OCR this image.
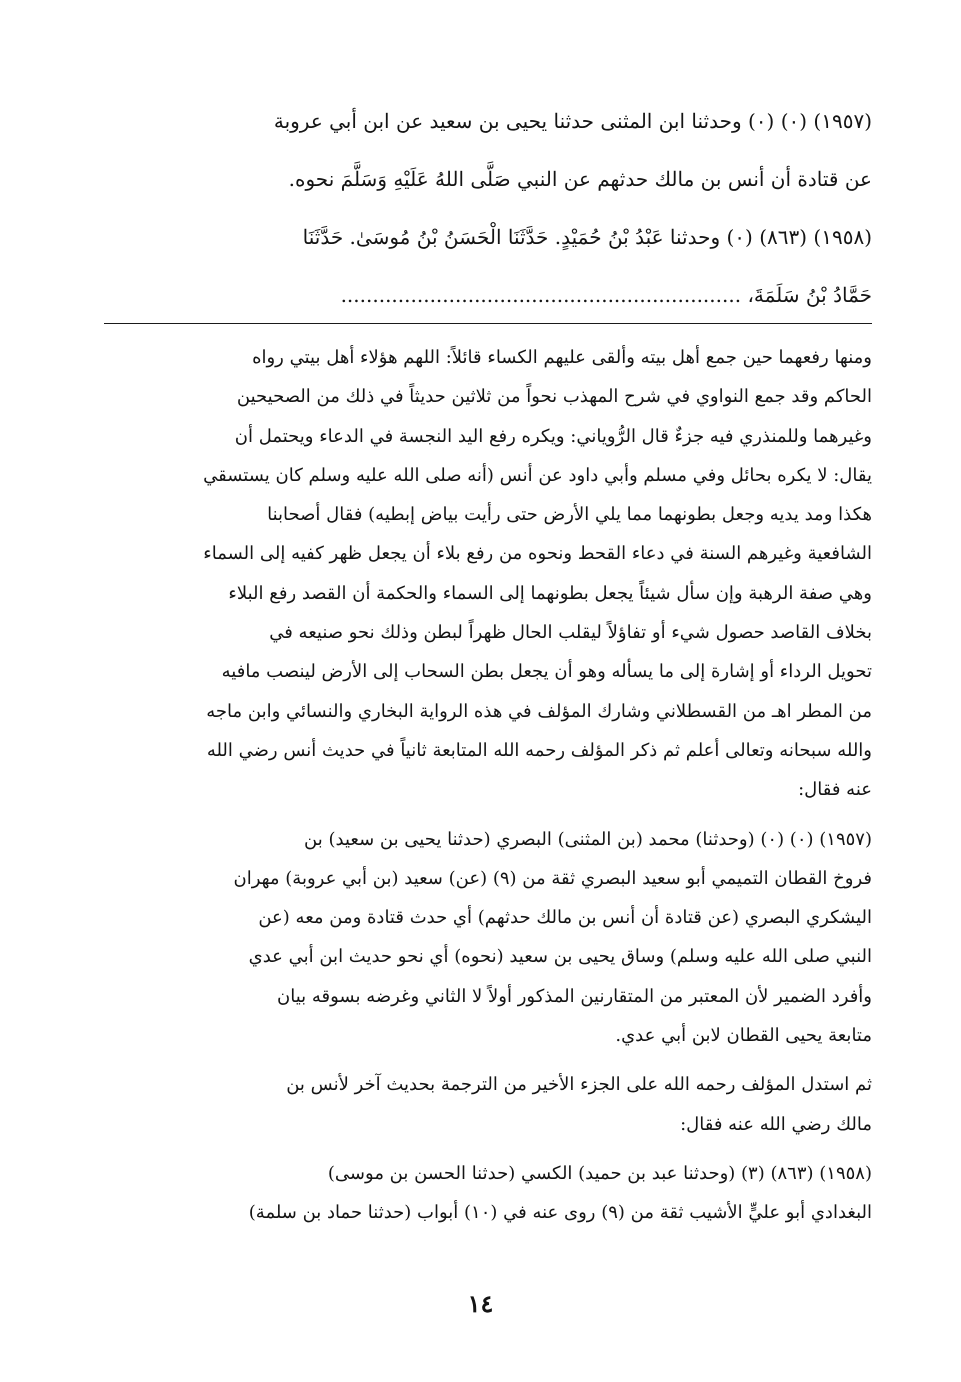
(١٩٥٧) (٠) (٠) وحدثنا ابن المثنى حدثنا يحيى بن سعيد عن ابن أبي عروبة
عن قتادة أن أنس بن مالك حدثهم عن النبي صَلَّى اللهُ عَلَيْهِ وَسَلَّمَ نحوه.
(١٩٥٨) (٨٦٣) (٠) وحدثنا عَبْدُ بْنُ حُمَيْدٍ. حَدَّثَنَا الْحَسَنُ بْنُ مُوسَىٰ. حَدَّثَنَا
حَمَّادُ بْنُ سَلَمَةَ، ...............................................................
ومنها رفعهما حين جمع أهل بيته وألقى عليهم الكساء قائلاً: اللهم هؤلاء أهل بيتي رواه
الحاكم وقد جمع النواوي في شرح المهذب نحواً من ثلاثين حديثاً في ذلك من الصحيحين
وغيرهما وللمنذري فيه جزءٌ قال الرُّوياني: ويكره رفع اليد النجسة في الدعاء ويحتمل أن
يقال: لا يكره بحائل وفي مسلم وأبي داود عن أنس (أنه صلى الله عليه وسلم كان يستسقي
هكذا ومد يديه وجعل بطونهما مما يلي الأرض حتى رأيت بياض إبطيه) فقال أصحابنا
الشافعية وغيرهم السنة في دعاء القحط ونحوه من رفع بلاء أن يجعل ظهر كفيه إلى السماء
وهي صفة الرهبة وإن سأل شيئاً يجعل بطونهما إلى السماء والحكمة أن القصد رفع البلاء
بخلاف القاصد حصول شيء أو تفاؤلاً ليقلب الحال ظهراً لبطن وذلك نحو صنيعه في
تحويل الرداء أو إشارة إلى ما يسأله وهو أن يجعل بطن السحاب إلى الأرض لينصب مافيه
من المطر اهـ من القسطلاني وشارك المؤلف في هذه الرواية البخاري والنسائي وابن ماجه
والله سبحانه وتعالى أعلم ثم ذكر المؤلف رحمه الله المتابعة ثانياً في حديث أنس رضي الله
عنه فقال:
(١٩٥٧) (٠) (٠) (وحدثنا) محمد (بن المثنى) البصري (حدثنا يحيى بن سعيد) بن
فروخ القطان التميمي أبو سعيد البصري ثقة من (٩) (عن) سعيد (بن أبي عروبة) مهران
اليشكري البصري (عن قتادة أن أنس بن مالك حدثهم) أي حدث قتادة ومن معه (عن
النبي صلى الله عليه وسلم) وساق يحيى بن سعيد (نحوه) أي نحو حديث ابن أبي عدي
وأفرد الضمير لأن المعتبر من المتقارنين المذكور أولاً لا الثاني وغرضه بسوقه بيان
متابعة يحيى القطان لابن أبي عدي.
ثم استدل المؤلف رحمه الله على الجزء الأخير من الترجمة بحديث آخر لأنس بن
مالك رضي الله عنه فقال:
(١٩٥٨) (٨٦٣) (٣) (وحدثنا عبد بن حميد) الكسي (حدثنا الحسن بن موسى)
البغدادي أبو عليٍّ الأشيب ثقة من (٩) روى عنه في (١٠) أبواب (حدثنا حماد بن سلمة)
١٤
